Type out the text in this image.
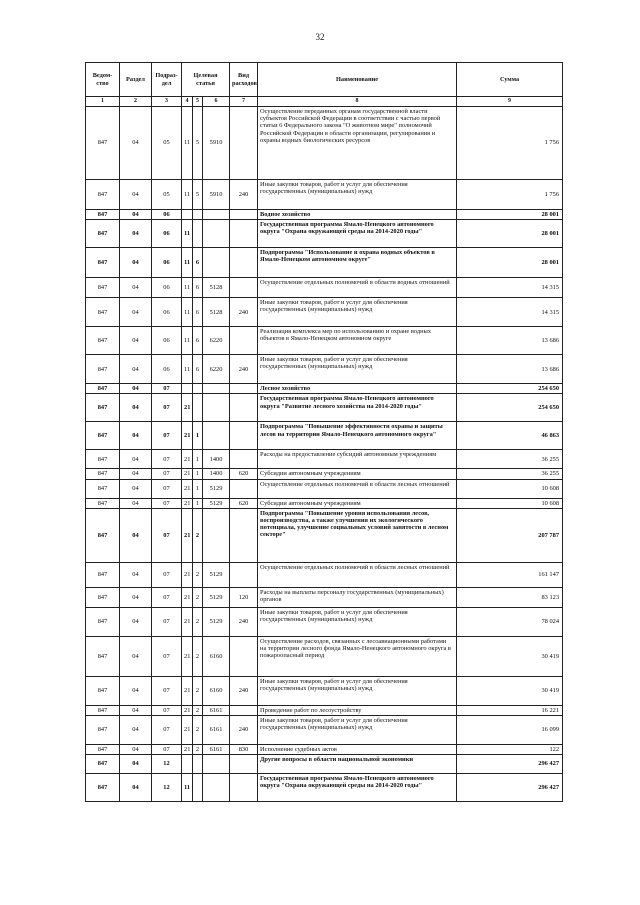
32
Ведом-ство	Раздел	Подраз-дел	Целевая статья			Вид расходов	Наименование	Сумма
1	2	3	4	5	6	7	8	9
847	04	05	11	5	5910		Осуществление переданных органам государственной власти субъектов Российской Федерации в соответствии с частью первой статьи 6 Федерального закона "О животном мире" полномочий Российской Федерации в области организации, регулирования и охраны водных биологических ресурсов	1 756
847	04	05	11	5	5910	240	Иные закупки товаров, работ и услуг для обеспечения государственных (муниципальных) нужд	1 756
847	04	06					Водное хозяйство	28 001
847	04	06	11				Государственная программа Ямало-Ненецкого автономного округа "Охрана окружающей среды на 2014-2020 годы"	28 001
847	04	06	11	6			Подпрограмма "Использование и охрана водных объектов в Ямало-Ненецком автономном округе"	28 001
847	04	06	11	6	5128		Осуществление отдельных полномочий в области водных отношений	14 315
847	04	06	11	6	5128	240	Иные закупки товаров, работ и услуг для обеспечения государственных (муниципальных) нужд	14 315
847	04	06	11	6	6220		Реализация комплекса мер по использованию и охране водных объектов в Ямало-Ненецком автономном округе	13 686
847	04	06	11	6	6220	240	Иные закупки товаров, работ и услуг для обеспечения государственных (муниципальных) нужд	13 686
847	04	07					Лесное хозяйство	254 650
847	04	07	21				Государственная программа Ямало-Ненецкого автономного округа "Развитие лесного хозяйства на 2014-2020 годы"	254 650
847	04	07	21	1			Подпрограмма "Повышение эффективности охраны и защиты лесов на территории Ямало-Ненецкого автономного округа"	46 863
847	04	07	21	1	1400		Расходы на предоставление субсидий автономным учреждениям	36 255
847	04	07	21	1	1400	620	Субсидии автономным учреждениям	36 255
847	04	07	21	1	5129		Осуществление отдельных полномочий в области лесных отношений	10 608
847	04	07	21	1	5129	620	Субсидии автономным учреждениям	10 608
847	04	07	21	2			Подпрограмма "Повышение уровня использования лесов, воспроизводства, а также улучшения их экологического потенциала, улучшение социальных условий занятости в лесном секторе"	207 787
847	04	07	21	2	5129		Осуществление отдельных полномочий в области лесных отношений	161 147
847	04	07	21	2	5129	120	Расходы на выплаты персоналу государственных (муниципальных) органов	83 123
847	04	07	21	2	5129	240	Иные закупки товаров, работ и услуг для обеспечения государственных (муниципальных) нужд	78 024
847	04	07	21	2	6160		Осуществление расходов, связанных с лесоавиационными работами на территории лесного фонда Ямало-Ненецкого автономного округа в пожароопасный период	30 419
847	04	07	21	2	6160	240	Иные закупки товаров, работ и услуг для обеспечения государственных (муниципальных) нужд	30 419
847	04	07	21	2	6161		Проведение работ по лесоустройству	16 221
847	04	07	21	2	6161	240	Иные закупки товаров, работ и услуг для обеспечения государственных (муниципальных) нужд	16 099
847	04	07	21	2	6161	830	Исполнение судебных актов	122
847	04	12					Другие вопросы в области национальной экономики	296 427
847	04	12	11				Государственная программа Ямало-Ненецкого автономного округа "Охрана окружающей среды на 2014-2020 годы"	296 427
